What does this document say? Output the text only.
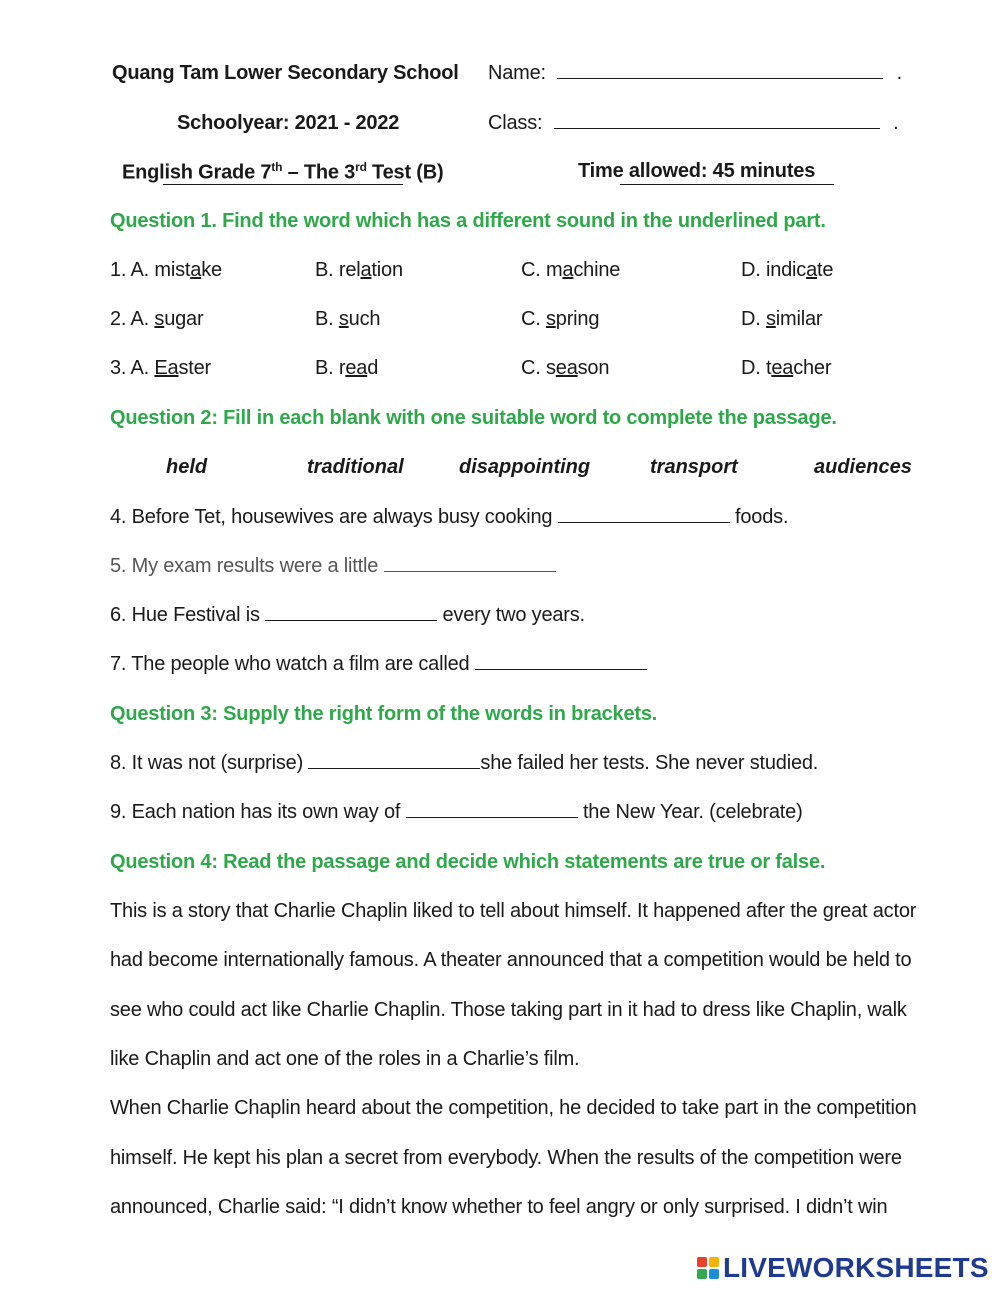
Quang Tam Lower Secondary School Name:	.
Schoolyear: 2021 - 2022	Class:	.
English Grade 7th – The 3rd Test (B)	Time allowed: 45 minutes
Question 1. Find the word which has a different sound in the underlined part.
1. A. mistake	B. relation	C. machine	D. indicate
2. A. sugar	B. such	C. spring	D. similar
3. A. Easter	B. read	C. season	D. teacher
Question 2: Fill in each blank with one suitable word to complete the passage.
held	traditional	disappointing	transport	audiences
4. Before Tet, housewives are always busy cooking	foods.
5. My exam results were a little
6. Hue Festival is	every two years.
7. The people who watch a film are called
Question 3: Supply the right form of the words in brackets.
8. It was not (surprise)	she failed her tests. She never studied.
9. Each nation has its own way of	the New Year. (celebrate)
Question 4: Read the passage and decide which statements are true or false.
This is a story that Charlie Chaplin liked to tell about himself. It happened after the great actor
had become internationally famous. A theater announced that a competition would be held to
see who could act like Charlie Chaplin. Those taking part in it had to dress like Chaplin, walk
like Chaplin and act one of the roles in a Charlie’s film.
When Charlie Chaplin heard about the competition, he decided to take part in the competition
himself. He kept his plan a secret from everybody. When the results of the competition were
announced, Charlie said: “I didn’t know whether to feel angry or only surprised. I didn’t win
LIVEWORKSHEETS
